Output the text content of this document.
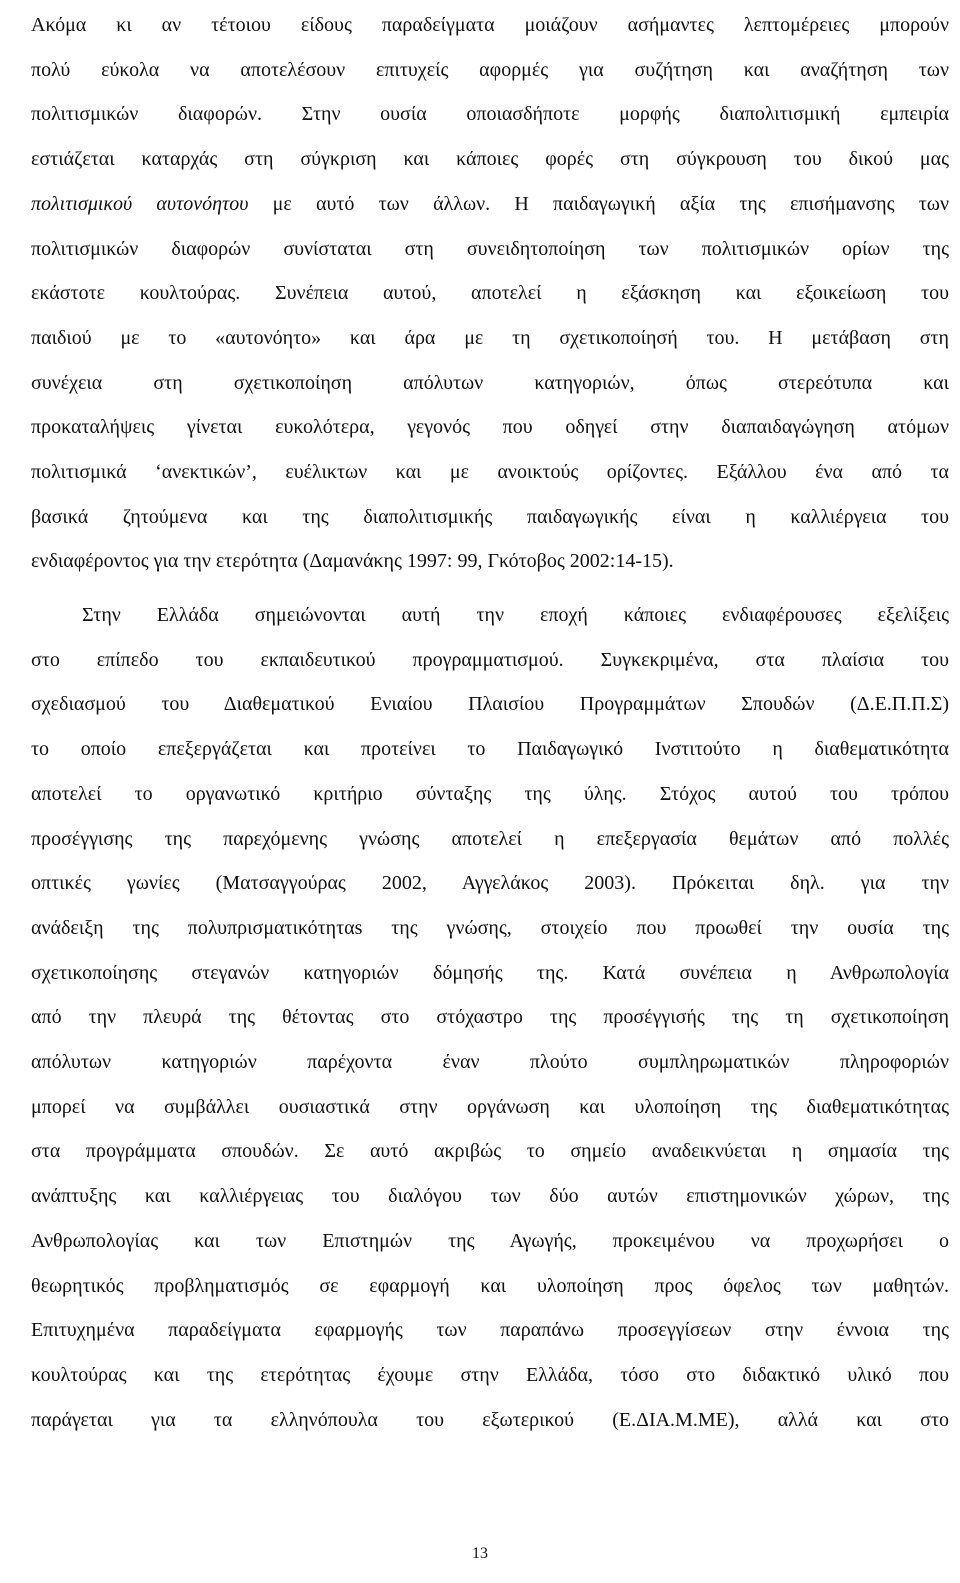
Ακόμα κι αν τέτοιου είδους παραδείγματα μοιάζουν ασήμαντες λεπτομέρειες μπορούν
πολύ εύκολα να αποτελέσουν επιτυχείς αφορμές για συζήτηση και αναζήτηση των
πολιτισμικών διαφορών. Στην ουσία οποιασδήποτε μορφής διαπολιτισμική εμπειρία
εστιάζεται καταρχάς στη σύγκριση και κάποιες φορές στη σύγκρουση του δικού μας
πολιτισμικού αυτονόητου με αυτό των άλλων. Η παιδαγωγική αξία της επισήμανσης των
πολιτισμικών διαφορών συνίσταται στη συνειδητοποίηση των πολιτισμικών ορίων της
εκάστοτε κουλτούρας. Συνέπεια αυτού, αποτελεί η εξάσκηση και εξοικείωση του
παιδιού με το «αυτονόητο» και άρα με τη σχετικοποίησή του. Η μετάβαση στη
συνέχεια στη σχετικοποίηση απόλυτων κατηγοριών, όπως στερεότυπα και
προκαταλήψεις γίνεται ευκολότερα, γεγονός που οδηγεί στην διαπαιδαγώγηση ατόμων
πολιτισμικά ‘ανεκτικών’, ευέλικτων και με ανοικτούς ορίζοντες. Εξάλλου ένα από τα
βασικά ζητούμενα και της διαπολιτισμικής παιδαγωγικής είναι η καλλιέργεια του
ενδιαφέροντος για την ετερότητα (Δαμανάκης 1997: 99, Γκότοβος 2002:14-15).
Στην Ελλάδα σημειώνονται αυτή την εποχή κάποιες ενδιαφέρουσες εξελίξεις
στο επίπεδο του εκπαιδευτικού προγραμματισμού. Συγκεκριμένα, στα πλαίσια του
σχεδιασμού του Διαθεματικού Ενιαίου Πλαισίου Προγραμμάτων Σπουδών (Δ.Ε.Π.Π.Σ)
το οποίο επεξεργάζεται και προτείνει το Παιδαγωγικό Ινστιτούτο η διαθεματικότητα
αποτελεί το οργανωτικό κριτήριο σύνταξης της ύλης. Στόχος αυτού του τρόπου
προσέγγισης της παρεχόμενης γνώσης αποτελεί η επεξεργασία θεμάτων από πολλές
οπτικές γωνίες (Ματσαγγούρας 2002, Αγγελάκος 2003). Πρόκειται δηλ. για την
ανάδειξη της πολυπρισματικότηταs της γνώσης, στοιχείο που προωθεί την ουσία της
σχετικοποίησης στεγανών κατηγοριών δόμησής της. Κατά συνέπεια η Ανθρωπολογία
από την πλευρά της θέτοντας στο στόχαστρο της προσέγγισής της τη σχετικοποίηση
απόλυτων κατηγοριών παρέχοντα έναν πλούτο συμπληρωματικών πληροφοριών
μπορεί να συμβάλλει ουσιαστικά στην οργάνωση και υλοποίηση της διαθεματικότητας
στα προγράμματα σπουδών. Σε αυτό ακριβώς το σημείο αναδεικνύεται η σημασία της
ανάπτυξης και καλλιέργειας του διαλόγου των δύο αυτών επιστημονικών χώρων, της
Ανθρωπολογίας και των Επιστημών της Αγωγής, προκειμένου να προχωρήσει ο
θεωρητικός προβληματισμός σε εφαρμογή και υλοποίηση προς όφελος των μαθητών.
Επιτυχημένα παραδείγματα εφαρμογής των παραπάνω προσεγγίσεων στην έννοια της
κουλτούρας και της ετερότητας έχουμε στην Ελλάδα, τόσο στο διδακτικό υλικό που
παράγεται για τα ελληνόπουλα του εξωτερικού (Ε.ΔΙΑ.Μ.ΜΕ), αλλά και στο
13
